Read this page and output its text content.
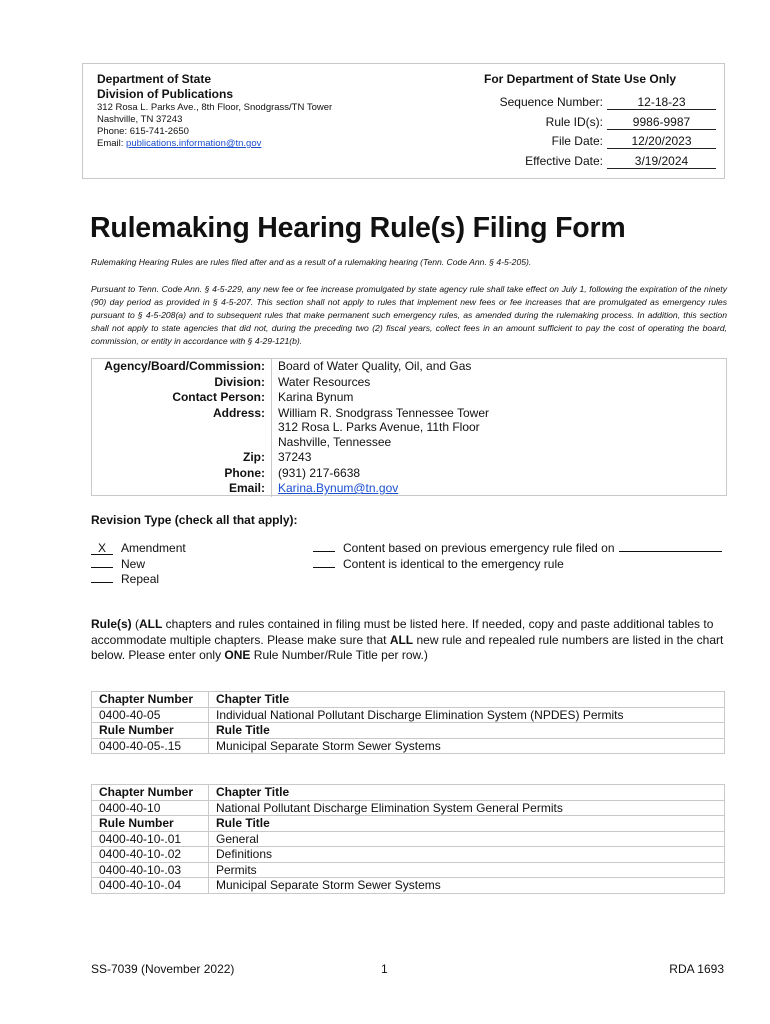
Department of State
Division of Publications
312 Rosa L. Parks Ave., 8th Floor, Snodgrass/TN Tower
Nashville, TN 37243
Phone: 615-741-2650
Email: publications.information@tn.gov
For Department of State Use Only
Sequence Number:	12-18-23
Rule ID(s):	9986-9987
File Date:	12/20/2023
Effective Date:	3/19/2024
Rulemaking Hearing Rule(s) Filing Form
Rulemaking Hearing Rules are rules filed after and as a result of a rulemaking hearing (Tenn. Code Ann. § 4-5-205).
Pursuant to Tenn. Code Ann. § 4-5-229, any new fee or fee increase promulgated by state agency rule shall take effect on July 1, following the expiration of the ninety (90) day period as provided in § 4-5-207. This section shall not apply to rules that implement new fees or fee increases that are promulgated as emergency rules pursuant to § 4-5-208(a) and to subsequent rules that make permanent such emergency rules, as amended during the rulemaking process. In addition, this section shall not apply to state agencies that did not, during the preceding two (2) fiscal years, collect fees in an amount sufficient to pay the cost of operating the board, commission, or entity in accordance with § 4-29-121(b).
Agency/Board/Commission:	Board of Water Quality, Oil, and Gas
Division:	Water Resources
Contact Person:	Karina Bynum
Address:	William R. Snodgrass Tennessee Tower
312 Rosa L. Parks Avenue, 11th Floor
Nashville, Tennessee

Zip:	37243
Phone:	(931) 217-6638
Email:	Karina.Bynum@tn.gov
Revision Type (check all that apply):
X Amendment
New
Repeal
Content based on previous emergency rule filed on
Content is identical to the emergency rule
Rule(s) (ALL chapters and rules contained in filing must be listed here. If needed, copy and paste additional tables to accommodate multiple chapters. Please make sure that ALL new rule and repealed rule numbers are listed in the chart below. Please enter only ONE Rule Number/Rule Title per row.)
Chapter Number	Chapter Title
0400-40-05	Individual National Pollutant Discharge Elimination System (NPDES) Permits
Rule Number	Rule Title
0400-40-05-.15	Municipal Separate Storm Sewer Systems
Chapter Number	Chapter Title
0400-40-10	National Pollutant Discharge Elimination System General Permits
Rule Number	Rule Title
0400-40-10-.01	General
0400-40-10-.02	Definitions
0400-40-10-.03	Permits
0400-40-10-.04	Municipal Separate Storm Sewer Systems
SS-7039 (November 2022)	1	RDA 1693
